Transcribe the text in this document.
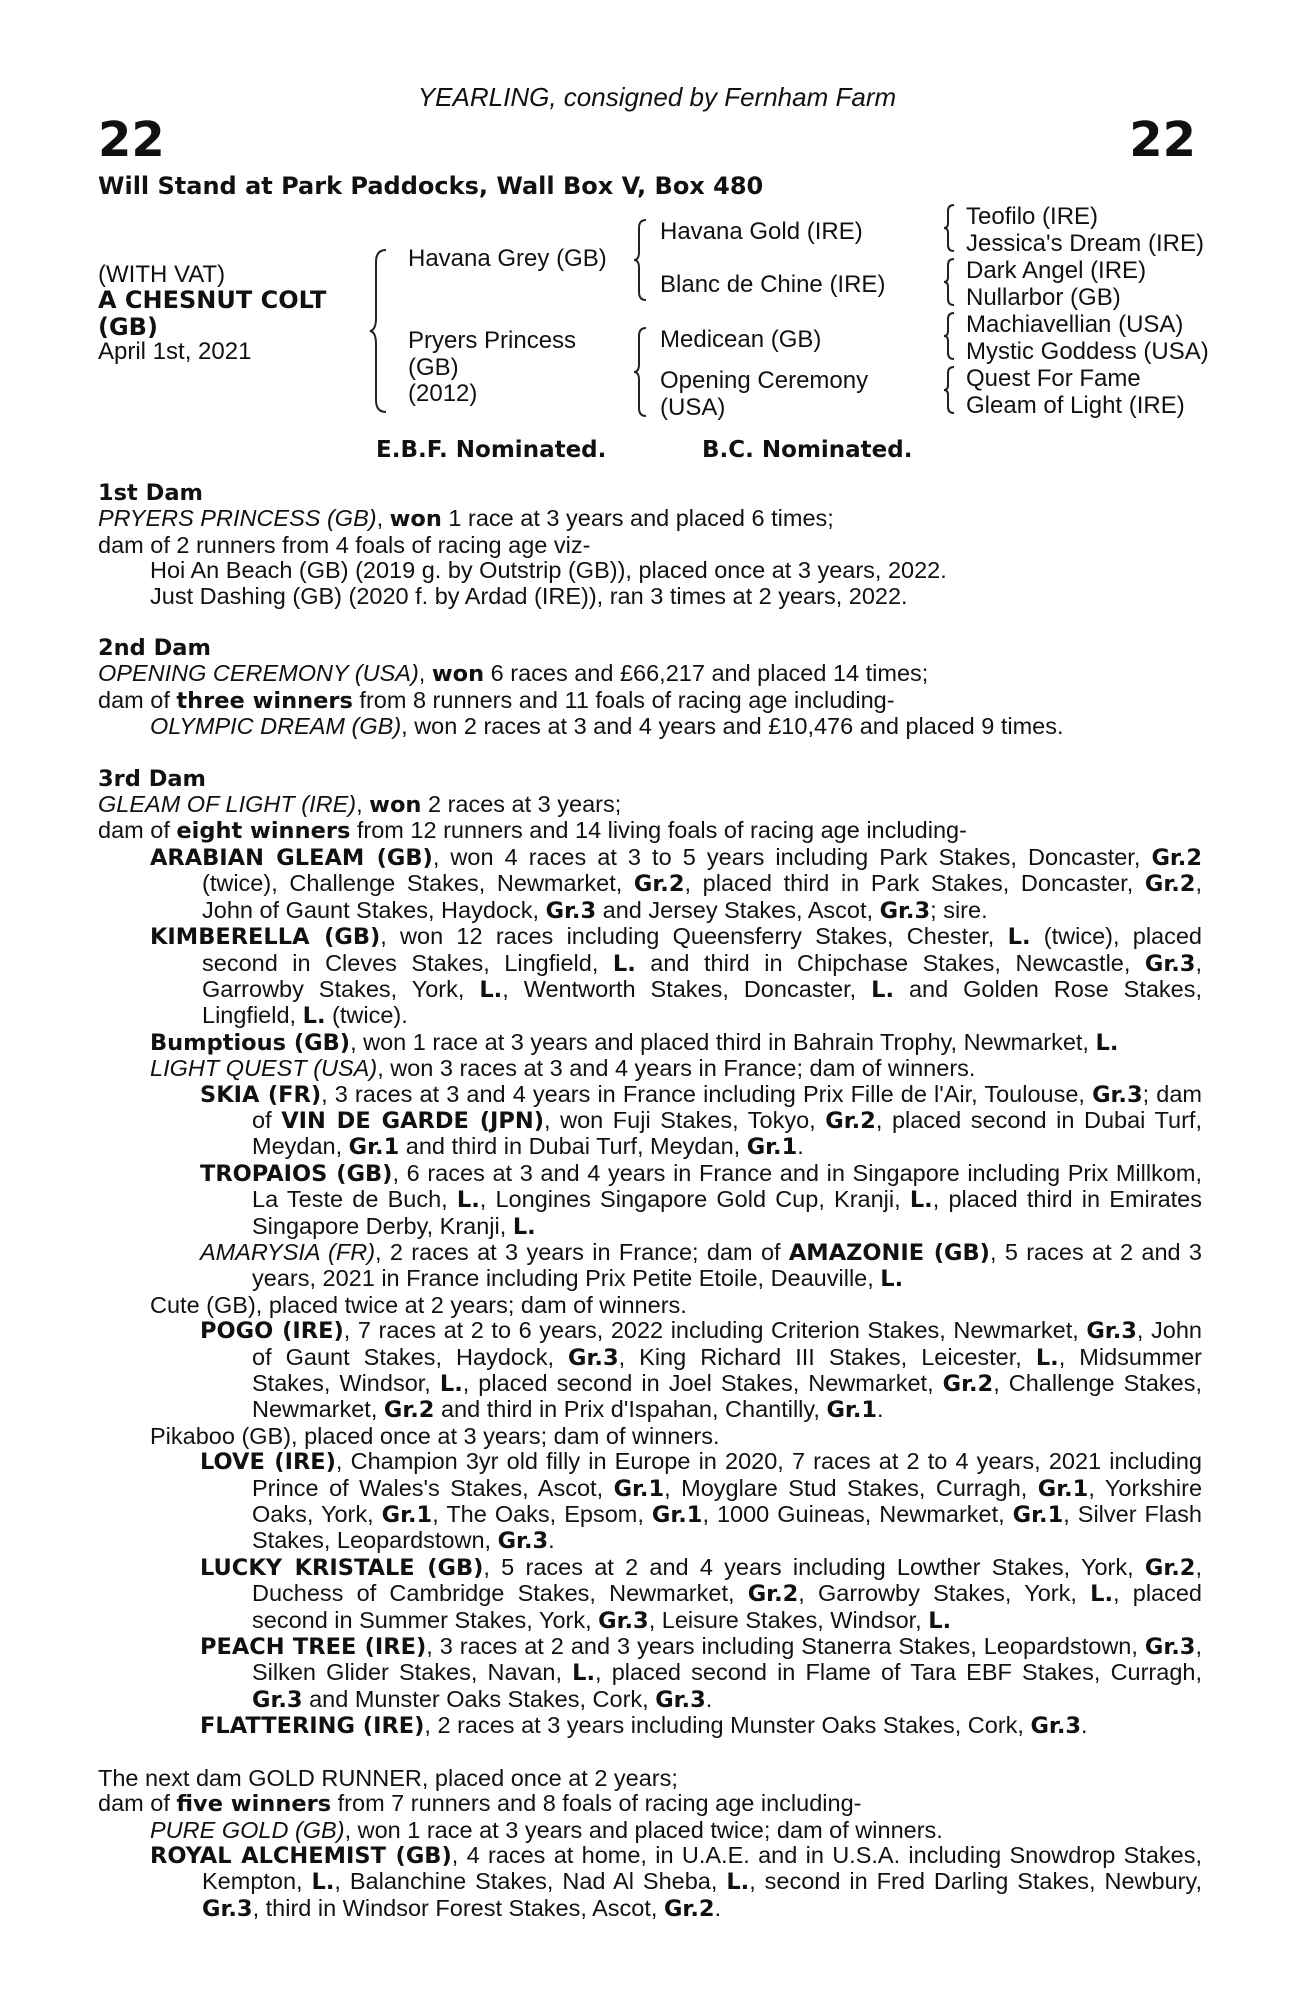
YEARLING, consigned by Fernham Farm
22	22
Will Stand at Park Paddocks, Wall Box V, Box 480
(WITH VAT)
A CHESNUT COLT
(GB)
April 1st, 2021
Havana Grey (GB)
Pryers Princess
(GB)
(2012)
Havana Gold (IRE)
Blanc de Chine (IRE)
Medicean (GB)
Opening Ceremony
(USA)
Teofilo (IRE)
Jessica's Dream (IRE)
Dark Angel (IRE)
Nullarbor (GB)
Machiavellian (USA)
Mystic Goddess (USA)
Quest For Fame
Gleam of Light (IRE)
E.B.F. Nominated.	B.C. Nominated.

1st Dam

PRYERS PRINCESS (GB), won 1 race at 3 years and placed 6 times;

dam of 2 runners from 4 foals of racing age viz-

Hoi An Beach (GB) (2019 g. by Outstrip (GB)), placed once at 3 years, 2022.

Just Dashing (GB) (2020 f. by Ardad (IRE)), ran 3 times at 2 years, 2022.

2nd Dam

OPENING CEREMONY (USA), won 6 races and £66,217 and placed 14 times;

dam of three winners from 8 runners and 11 foals of racing age including-

OLYMPIC DREAM (GB), won 2 races at 3 and 4 years and £10,476 and placed 9 times.

3rd Dam

GLEAM OF LIGHT (IRE), won 2 races at 3 years;

dam of eight winners from 12 runners and 14 living foals of racing age including-

ARABIAN GLEAM (GB), won 4 races at 3 to 5 years including Park Stakes, Doncaster, Gr.2 (twice), Challenge Stakes, Newmarket, Gr.2, placed third in Park Stakes, Doncaster, Gr.2, John of Gaunt Stakes, Haydock, Gr.3 and Jersey Stakes, Ascot, Gr.3; sire.

KIMBERELLA (GB), won 12 races including Queensferry Stakes, Chester, L. (twice), placed second in Cleves Stakes, Lingfield, L. and third in Chipchase Stakes, Newcastle, Gr.3, Garrowby Stakes, York, L., Wentworth Stakes, Doncaster, L. and Golden Rose Stakes, Lingfield, L. (twice).

Bumptious (GB), won 1 race at 3 years and placed third in Bahrain Trophy, Newmarket, L.

LIGHT QUEST (USA), won 3 races at 3 and 4 years in France; dam of winners.

SKIA (FR), 3 races at 3 and 4 years in France including Prix Fille de l'Air, Toulouse, Gr.3; dam of VIN DE GARDE (JPN), won Fuji Stakes, Tokyo, Gr.2, placed second in Dubai Turf, Meydan, Gr.1 and third in Dubai Turf, Meydan, Gr.1.

TROPAIOS (GB), 6 races at 3 and 4 years in France and in Singapore including Prix Millkom, La Teste de Buch, L., Longines Singapore Gold Cup, Kranji, L., placed third in Emirates Singapore Derby, Kranji, L.

AMARYSIA (FR), 2 races at 3 years in France; dam of AMAZONIE (GB), 5 races at 2 and 3 years, 2021 in France including Prix Petite Etoile, Deauville, L.

Cute (GB), placed twice at 2 years; dam of winners.

POGO (IRE), 7 races at 2 to 6 years, 2022 including Criterion Stakes, Newmarket, Gr.3, John of Gaunt Stakes, Haydock, Gr.3, King Richard III Stakes, Leicester, L., Midsummer Stakes, Windsor, L., placed second in Joel Stakes, Newmarket, Gr.2, Challenge Stakes, Newmarket, Gr.2 and third in Prix d'Ispahan, Chantilly, Gr.1.

Pikaboo (GB), placed once at 3 years; dam of winners.

LOVE (IRE), Champion 3yr old filly in Europe in 2020, 7 races at 2 to 4 years, 2021 including Prince of Wales's Stakes, Ascot, Gr.1, Moyglare Stud Stakes, Curragh, Gr.1, Yorkshire Oaks, York, Gr.1, The Oaks, Epsom, Gr.1, 1000 Guineas, Newmarket, Gr.1, Silver Flash Stakes, Leopardstown, Gr.3.

LUCKY KRISTALE (GB), 5 races at 2 and 4 years including Lowther Stakes, York, Gr.2, Duchess of Cambridge Stakes, Newmarket, Gr.2, Garrowby Stakes, York, L., placed second in Summer Stakes, York, Gr.3, Leisure Stakes, Windsor, L.

PEACH TREE (IRE), 3 races at 2 and 3 years including Stanerra Stakes, Leopardstown, Gr.3, Silken Glider Stakes, Navan, L., placed second in Flame of Tara EBF Stakes, Curragh, Gr.3 and Munster Oaks Stakes, Cork, Gr.3.

FLATTERING (IRE), 2 races at 3 years including Munster Oaks Stakes, Cork, Gr.3.

The next dam GOLD RUNNER, placed once at 2 years;

dam of five winners from 7 runners and 8 foals of racing age including-

PURE GOLD (GB), won 1 race at 3 years and placed twice; dam of winners.

ROYAL ALCHEMIST (GB), 4 races at home, in U.A.E. and in U.S.A. including Snowdrop Stakes, Kempton, L., Balanchine Stakes, Nad Al Sheba, L., second in Fred Darling Stakes, Newbury, Gr.3, third in Windsor Forest Stakes, Ascot, Gr.2.
